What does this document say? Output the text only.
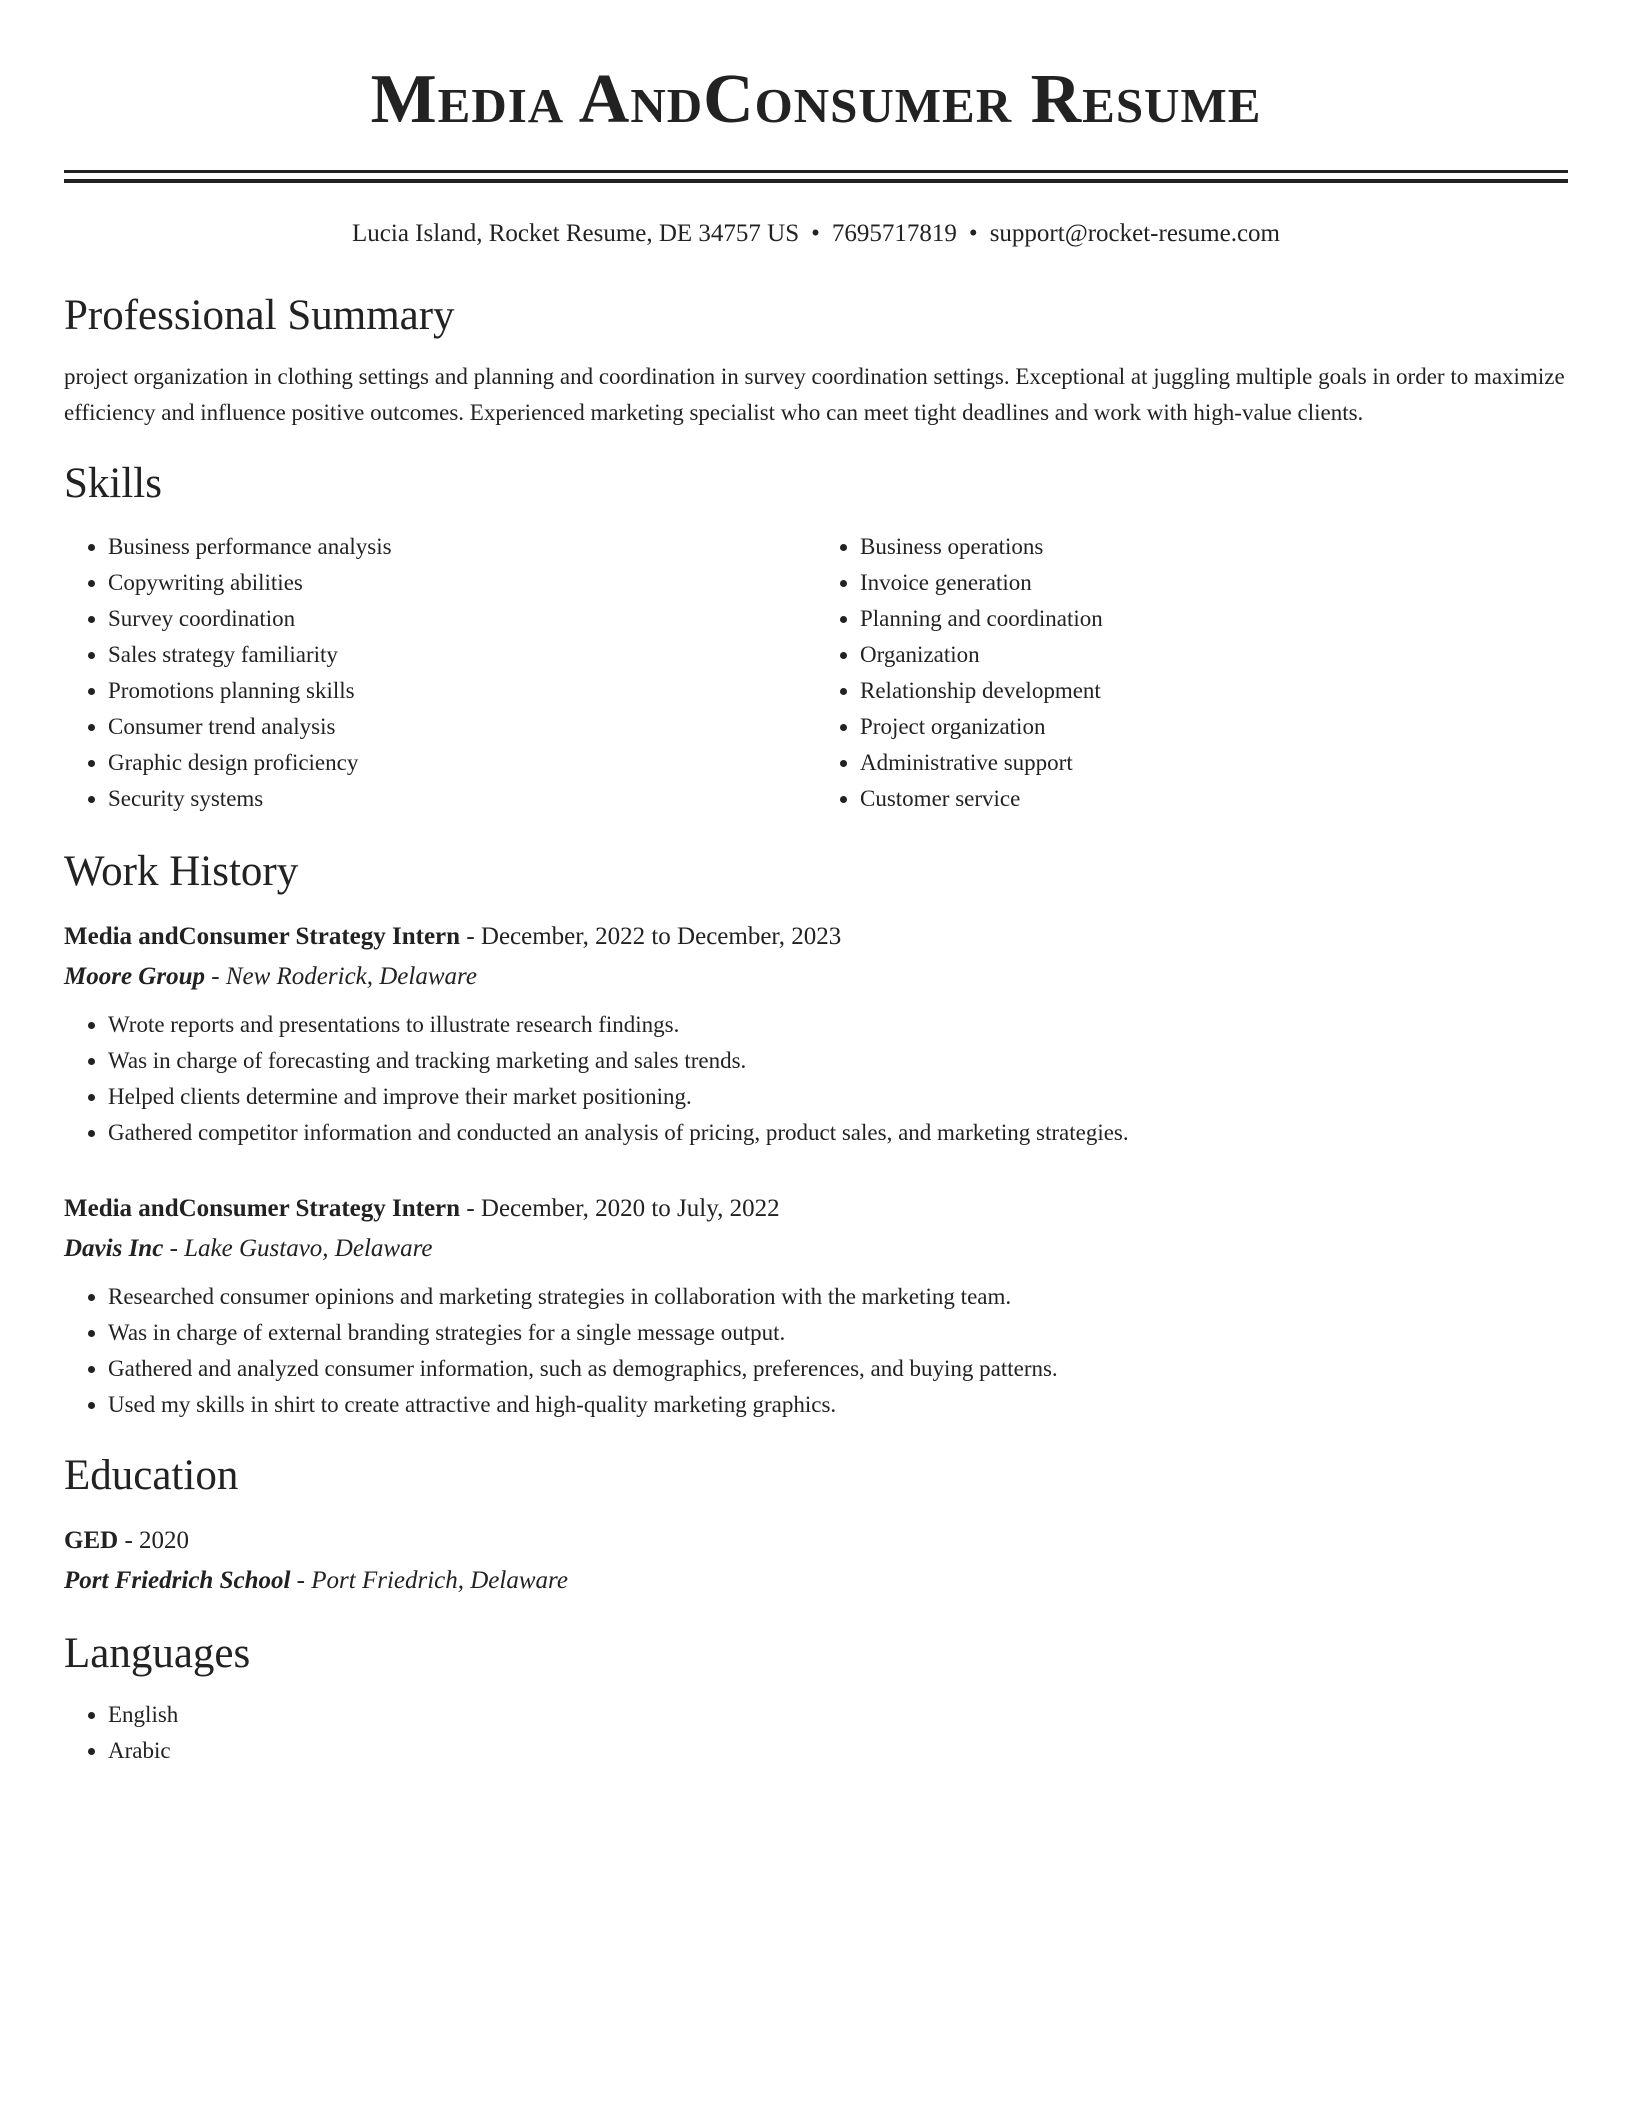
Media AndConsumer Resume
Lucia Island, Rocket Resume, DE 34757 US • 7695717819 • support@rocket-resume.com
Professional Summary

project organization in clothing settings and planning and coordination in survey coordination settings. Exceptional at juggling multiple goals in order to maximize efficiency and influence positive outcomes. Experienced marketing specialist who can meet tight deadlines and work with high-value clients.

Skills
• Business performance analysis
• Copywriting abilities
• Survey coordination
• Sales strategy familiarity
• Promotions planning skills
• Consumer trend analysis
• Graphic design proficiency
• Security systems
• Business operations
• Invoice generation
• Planning and coordination
• Organization
• Relationship development
• Project organization
• Administrative support
• Customer service
Work History
Media andConsumer Strategy Intern - December, 2022 to December, 2023
Moore Group - New Roderick, Delaware
• Wrote reports and presentations to illustrate research findings.
• Was in charge of forecasting and tracking marketing and sales trends.
• Helped clients determine and improve their market positioning.
• Gathered competitor information and conducted an analysis of pricing, product sales, and marketing strategies.
Media andConsumer Strategy Intern - December, 2020 to July, 2022
Davis Inc - Lake Gustavo, Delaware
• Researched consumer opinions and marketing strategies in collaboration with the marketing team.
• Was in charge of external branding strategies for a single message output.
• Gathered and analyzed consumer information, such as demographics, preferences, and buying patterns.
• Used my skills in shirt to create attractive and high-quality marketing graphics.
Education
GED - 2020
Port Friedrich School - Port Friedrich, Delaware
Languages
• English
• Arabic
